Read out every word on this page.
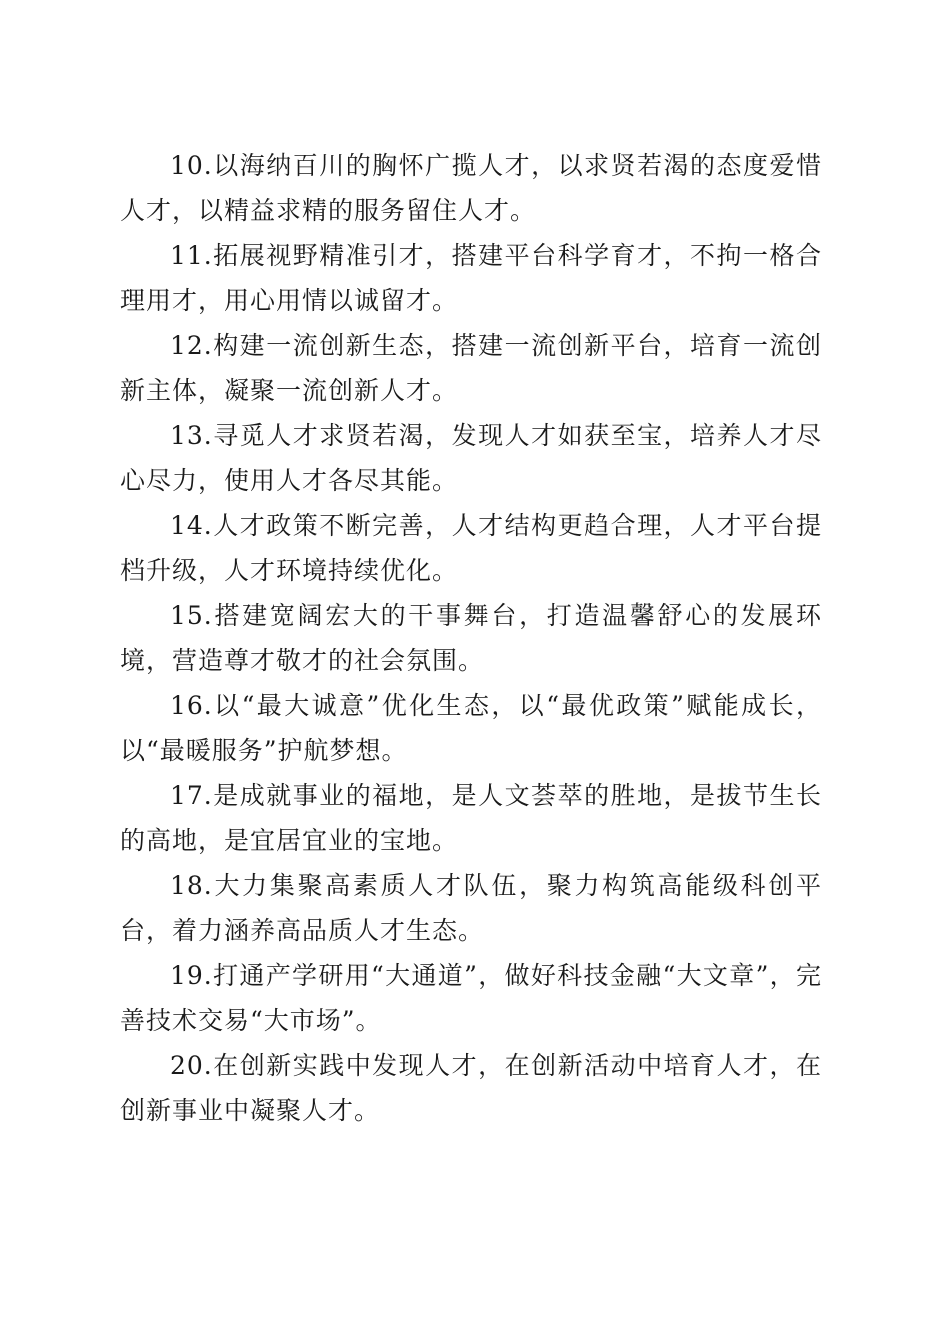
10.以海纳百川的胸怀广揽人才，以求贤若渴的态度爱惜人才，以精益求精的服务留住人才。

11.拓展视野精准引才，搭建平台科学育才，不拘一格合理用才，用心用情以诚留才。

12.构建一流创新生态，搭建一流创新平台，培育一流创新主体，凝聚一流创新人才。

13.寻觅人才求贤若渴，发现人才如获至宝，培养人才尽心尽力，使用人才各尽其能。

14.人才政策不断完善，人才结构更趋合理，人才平台提档升级，人才环境持续优化。

15.搭建宽阔宏大的干事舞台，打造温馨舒心的发展环境，营造尊才敬才的社会氛围。

16.以“最大诚意”优化生态，以“最优政策”赋能成长，以“最暖服务”护航梦想。

17.是成就事业的福地，是人文荟萃的胜地，是拔节生长的高地，是宜居宜业的宝地。

18.大力集聚高素质人才队伍，聚力构筑高能级科创平台，着力涵养高品质人才生态。

19.打通产学研用“大通道”，做好科技金融“大文章”，完善技术交易“大市场”。

20.在创新实践中发现人才，在创新活动中培育人才，在创新事业中凝聚人才。
